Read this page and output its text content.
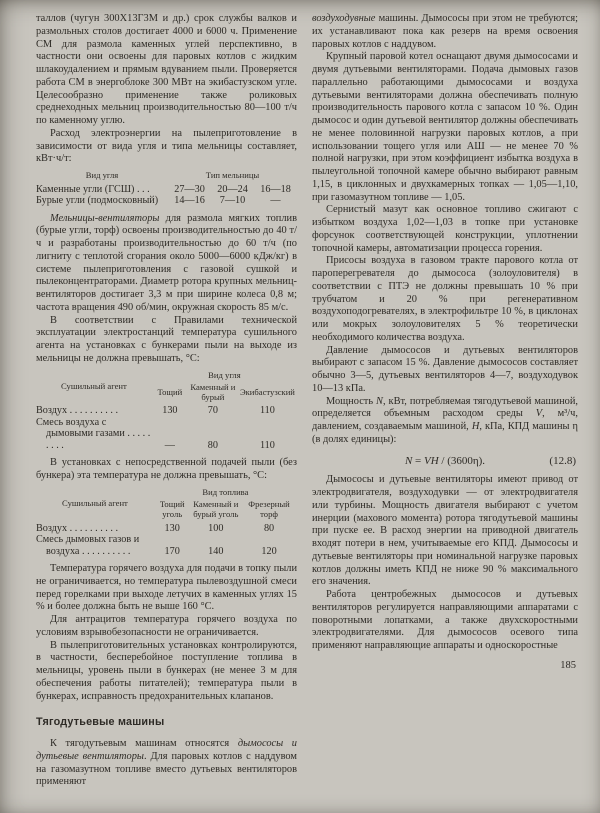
таллов (чугун 300Х13Г3М и др.) срок службы валков и размольных столов достигает 4000 и 6000 ч. Применение СМ для размола каменных углей перспективно, в частности они освоены для паровых котлов с жидким шлакоудалением и прямым вдуванием пыли. Проверяется работа СМ в энергоблоке 300 МВт на экибастузском угле. Целесообразно применение также роликовых среднеходных мельниц производительностью 80—100 т/ч по каменному углю.

Расход электроэнергии на пылеприготовление в зависимости от вида угля и типа мельницы составляет, кВт·ч/т:

Вид угля	Тип мельницы		
Каменные угли (ГСШ) . . .	27—30	20—24	16—18
Бурые угли (подмосковный)	14—16	7—10	—

Мельницы-вентиляторы для размола мягких топлив (бурые угли, торф) освоены производительностью до 40 т/ч и разработаны производительностью до 60 т/ч (по лигниту с теплотой сгорания около 5000—6000 кДж/кг) в системе пылеприготовления с газовой сушкой и пылеконцентраторами. Диаметр ротора крупных мельниц-вентиляторов достигает 3,3 м при ширине колеса 0,8 м; частота вращения 490 об/мин, окружная скорость 85 м/с.

В соответствии с Правилами технической эксплуатации электростанций температура сушильного агента на установках с бункерами пыли на выходе из мельницы не должна превышать, °С:

Сушильный агент	Вид угля		
	Тощий	Каменный и бурый	Экибастузский
Воздух . . . . . . . . . .	130	70	110
Смесь воздуха с дымовыми газами . . . . . . . . .	—	80	110

В установках с непосредственной подачей пыли (без бункера) эта температура не должна превышать, °С:

Сушильный агент	Вид топлива		
	Тощий уголь	Каменный и бурый уголь	Фрезерный торф
Воздух . . . . . . . . . .	130	100	80
Смесь дымовых газов и воздуха . . . . . . . . . .	170	140	120

Температура горячего воздуха для подачи в топку пыли не ограничивается, но температура пылевоздушной смеси перед горелками при выходе летучих в каменных углях 15 % и более должна быть не выше 160 °С.

Для антрацитов температура горячего воздуха по условиям взрывобезопасности не ограничивается.

В пылеприготовительных установках контролируются, в частности, бесперебойное поступление топлива в мельницы, уровень пыли в бункерах (не менее 3 м для обеспечения работы питателей); температура пыли в бункерах, исправность предохранительных клапанов.

Тягодутьевые машины

К тягодутьевым машинам относятся дымососы и дутьевые вентиляторы. Для паровых котлов с наддувом на газомазутном топливе вместо дутьевых вентиляторов применяют

воздуходувные машины. Дымососы при этом не требуются; их устанавливают пока как резерв на время освоения паровых котлов с наддувом.

Крупный паровой котел оснащают двумя дымососами и двумя дутьевыми вентиляторами. Подача дымовых газов параллельно работающими дымососами и воздуха дутьевыми вентиляторами должна обеспечивать полную производительность парового котла с запасом 10 %. Один дымосос и один дутьевой вентилятор должны обеспечивать не менее половинной нагрузки паровых котлов, а при использовании тощего угля или АШ — не менее 70 % полной нагрузки, при этом коэффициент избытка воздуха в пылеугольной топочной камере обычно выбирают равным 1,15, в циклонных и двухкамерных топках — 1,05—1,10, при газомазутном топливе — 1,05.

Сернистый мазут как основное топливо сжигают с избытком воздуха 1,02—1,03 в топке при установке форсунок соответствующей конструкции, уплотнении топочной камеры, автоматизации процесса горения.

Присосы воздуха в газовом тракте парового котла от пароперегревателя до дымососа (золоуловителя) в соответствии с ПТЭ не должны превышать 10 % при трубчатом и 20 % при регенеративном воздухоподогревателях, в электрофильтре 10 %, в циклонах или мокрых золоуловителях 5 % теоретически необходимого количества воздуха.

Давление дымососов и дутьевых вентиляторов выбирают с запасом 15 %. Давление дымососов составляет обычно 3—5, дутьевых вентиляторов 4—7, воздуходувок 10—13 кПа.

Мощность N, кВт, потребляемая тягодутьевой машиной, определяется объемным расходом среды V, м³/ч, давлением, создаваемым машиной, H, кПа, КПД машины η (в долях единицы):

N = VH / (3600η).	(12.8)

Дымососы и дутьевые вентиляторы имеют привод от электродвигателя, воздуходувки — от электродвигателя или турбины. Мощность двигателя выбирают с учетом инерции (махового момента) ротора тягодутьевой машины при пуске ее. В расход энергии на приводной двигатель входят потери в нем, учитываемые его КПД. Дымососы и дутьевые вентиляторы при номинальной нагрузке паровых котлов должны иметь КПД не ниже 90 % максимального его значения.

Работа центробежных дымососов и дутьевых вентиляторов регулируется направляющими аппаратами с поворотными лопатками, а также двухскоростными электродвигателями. Для дымососов осевого типа применяют направляющие аппараты и односкоростные

185
